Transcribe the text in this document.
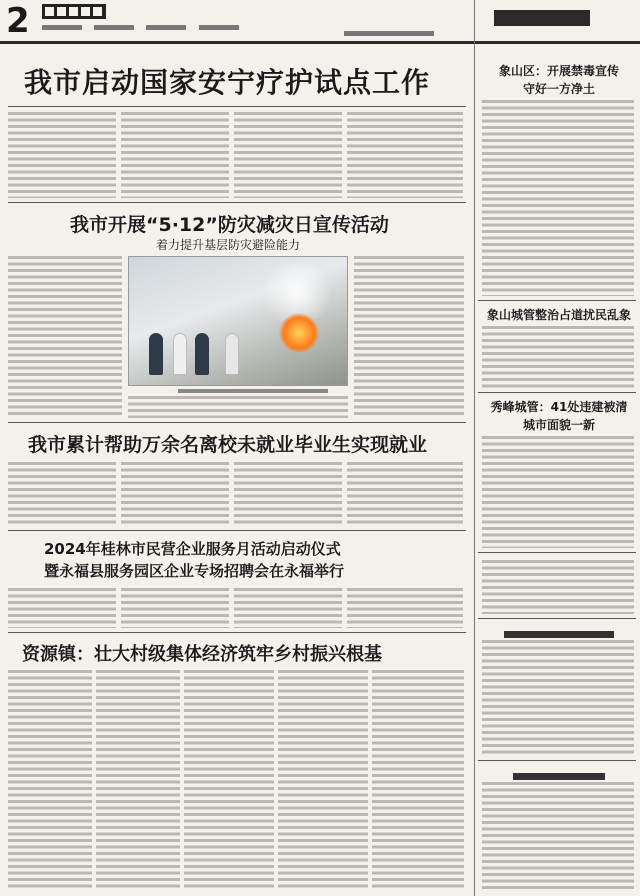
2

我市启动国家安宁疗护试点工作
我市开展“5·12”防灾减灾日宣传活动
着力提升基层防灾避险能力
我市累计帮助万余名离校未就业毕业生实现就业
2024年桂林市民营企业服务月活动启动仪式
暨永福县服务园区企业专场招聘会在永福举行
资源镇：壮大村级集体经济筑牢乡村振兴根基
象山区：开展禁毒宣传
守好一方净土
象山城管整治占道扰民乱象
秀峰城管：41处违建被清
城市面貌一新
